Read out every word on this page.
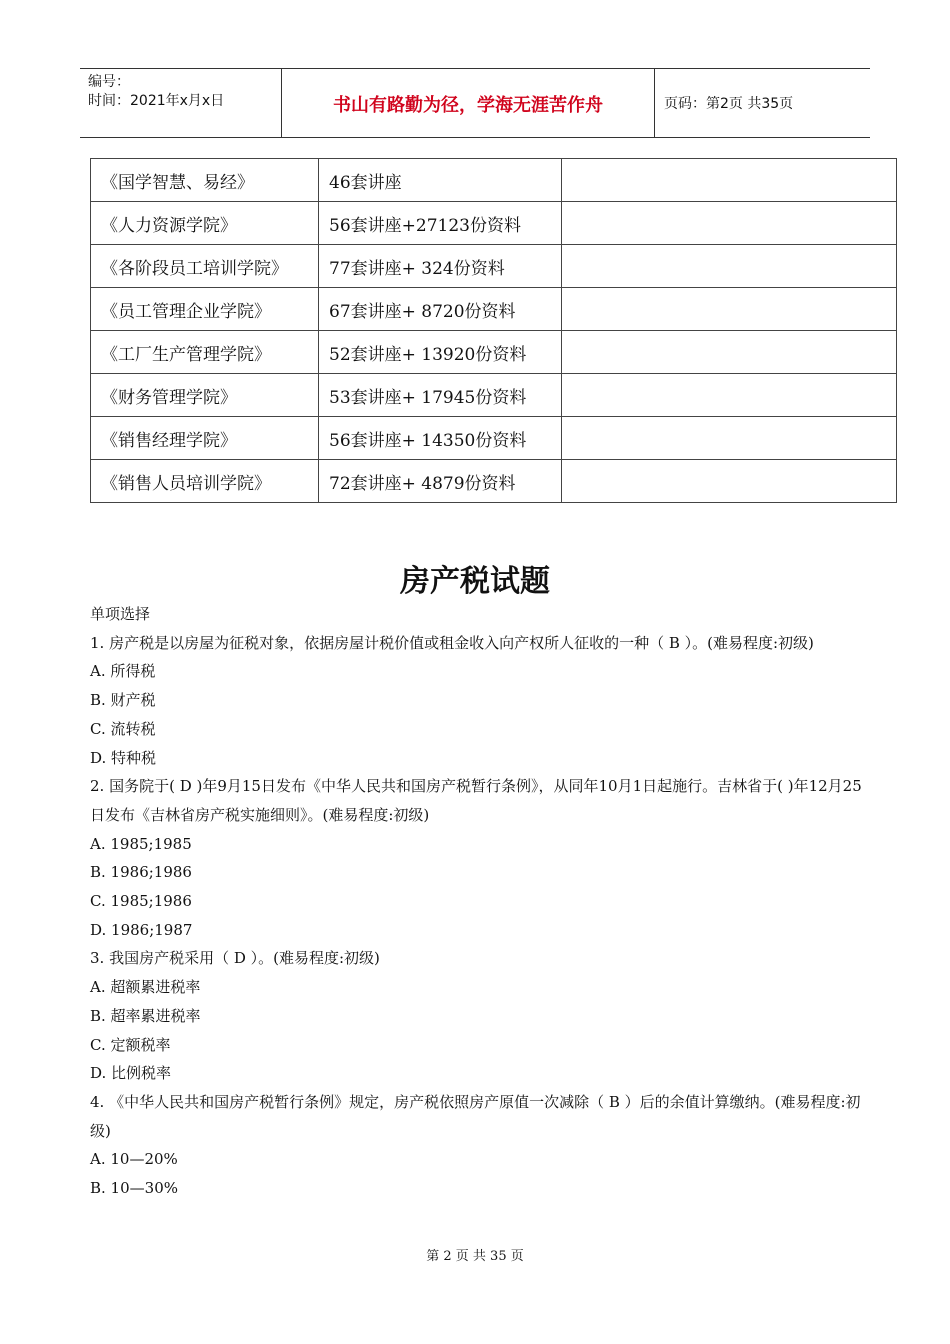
编号：
时间：2021年x月x日	书山有路勤为径，学海无涯苦作舟	页码：第2页 共35页
《国学智慧、易经》	46套讲座	
《人力资源学院》	56套讲座+27123份资料	
《各阶段员工培训学院》	77套讲座+ 324份资料	
《员工管理企业学院》	67套讲座+ 8720份资料	
《工厂生产管理学院》	52套讲座+ 13920份资料	
《财务管理学院》	53套讲座+ 17945份资料	
《销售经理学院》	56套讲座+ 14350份资料	
《销售人员培训学院》	72套讲座+ 4879份资料	
房产税试题

单项选择

1. 房产税是以房屋为征税对象，依据房屋计税价值或租金收入向产权所人征收的一种（ B ）。(难易程度:初级)

A. 所得税

B. 财产税

C. 流转税

D. 特种税

2. 国务院于( D )年9月15日发布《中华人民共和国房产税暂行条例》，从同年10月1日起施行。吉林省于( )年12月25日发布《吉林省房产税实施细则》。(难易程度:初级)

A. 1985;1985

B. 1986;1986

C. 1985;1986

D. 1986;1987

3. 我国房产税采用（ D ）。(难易程度:初级)

A. 超额累进税率

B. 超率累进税率

C. 定额税率

D. 比例税率

4. 《中华人民共和国房产税暂行条例》规定，房产税依照房产原值一次减除（ B ）后的余值计算缴纳。(难易程度:初级)

A. 10—20%

B. 10—30%

第 2 页 共 35 页
